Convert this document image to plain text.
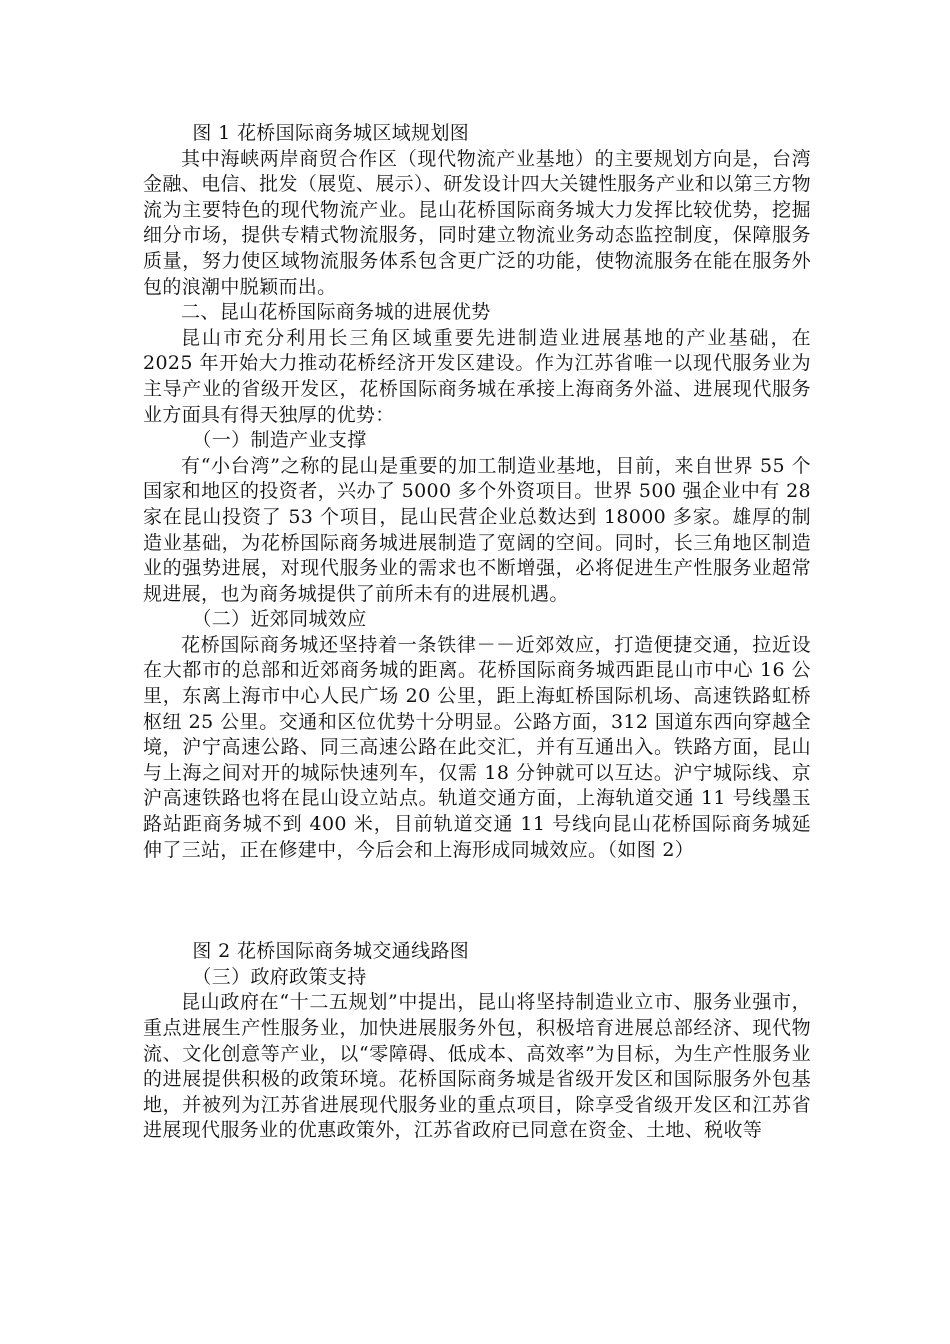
图 1 花桥国际商务城区域规划图

其中海峡两岸商贸合作区（现代物流产业基地）的主要规划方向是，台湾金融、电信、批发（展览、展示）、研发设计四大关键性服务产业和以第三方物流为主要特色的现代物流产业。昆山花桥国际商务城大力发挥比较优势，挖掘细分市场，提供专精式物流服务，同时建立物流业务动态监控制度，保障服务质量，努力使区域物流服务体系包含更广泛的功能，使物流服务在能在服务外包的浪潮中脱颖而出。

二、昆山花桥国际商务城的进展优势

昆山市充分利用长三角区域重要先进制造业进展基地的产业基础，在 2025 年开始大力推动花桥经济开发区建设。作为江苏省唯一以现代服务业为主导产业的省级开发区，花桥国际商务城在承接上海商务外溢、进展现代服务业方面具有得天独厚的优势：

（一）制造产业支撑

有“小台湾”之称的昆山是重要的加工制造业基地，目前，来自世界 55 个国家和地区的投资者，兴办了 5000 多个外资项目。世界 500 强企业中有 28 家在昆山投资了 53 个项目，昆山民营企业总数达到 18000 多家。雄厚的制造业基础，为花桥国际商务城进展制造了宽阔的空间。同时，长三角地区制造业的强势进展，对现代服务业的需求也不断增强，必将促进生产性服务业超常规进展，也为商务城提供了前所未有的进展机遇。

（二）近郊同城效应

花桥国际商务城还坚持着一条铁律－－近郊效应，打造便捷交通，拉近设在大都市的总部和近郊商务城的距离。花桥国际商务城西距昆山市中心 16 公里，东离上海市中心人民广场 20 公里，距上海虹桥国际机场、高速铁路虹桥枢纽 25 公里。交通和区位优势十分明显。公路方面，312 国道东西向穿越全境，沪宁高速公路、同三高速公路在此交汇，并有互通出入。铁路方面，昆山与上海之间对开的城际快速列车，仅需 18 分钟就可以互达。沪宁城际线、京沪高速铁路也将在昆山设立站点。轨道交通方面，上海轨道交通 11 号线墨玉路站距商务城不到 400 米，目前轨道交通 11 号线向昆山花桥国际商务城延伸了三站，正在修建中，今后会和上海形成同城效应。（如图 2）

图 2 花桥国际商务城交通线路图

（三）政府政策支持

昆山政府在“十二五规划”中提出，昆山将坚持制造业立市、服务业强市，重点进展生产性服务业，加快进展服务外包，积极培育进展总部经济、现代物流、文化创意等产业，以“零障碍、低成本、高效率”为目标，为生产性服务业的进展提供积极的政策环境。花桥国际商务城是省级开发区和国际服务外包基地，并被列为江苏省进展现代服务业的重点项目，除享受省级开发区和江苏省进展现代服务业的优惠政策外，江苏省政府已同意在资金、土地、税收等
